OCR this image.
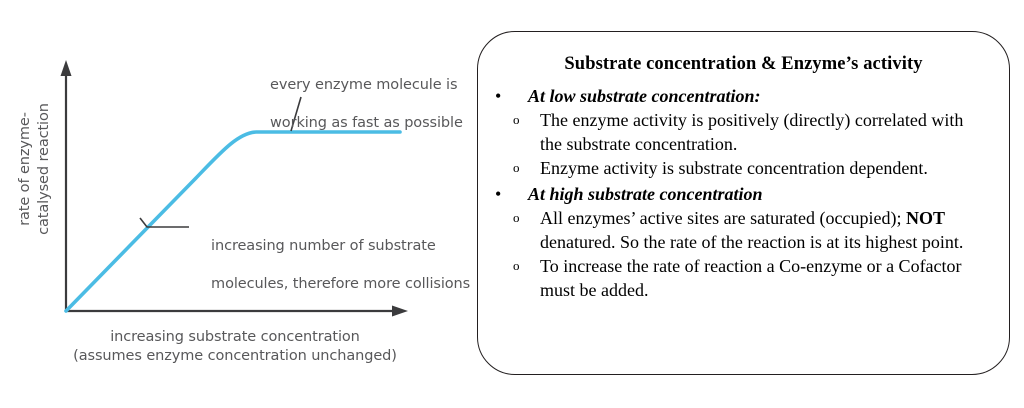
rate of enzyme- catalysed reaction

every enzyme molecule is

working as fast as possible

increasing number of substrate

molecules, therefore more collisions

increasing substrate concentration
(assumes enzyme concentration unchanged)
Substrate concentration & Enzyme’s activity
• At low substrate concentration:
o The enzyme activity is positively (directly) correlated with the substrate concentration.
o Enzyme activity is substrate concentration dependent.
• At high substrate concentration
o All enzymes’ active sites are saturated (occupied); NOT denatured. So the rate of the reaction is at its highest point.
o To increase the rate of reaction a Co-enzyme or a Cofactor must be added.
